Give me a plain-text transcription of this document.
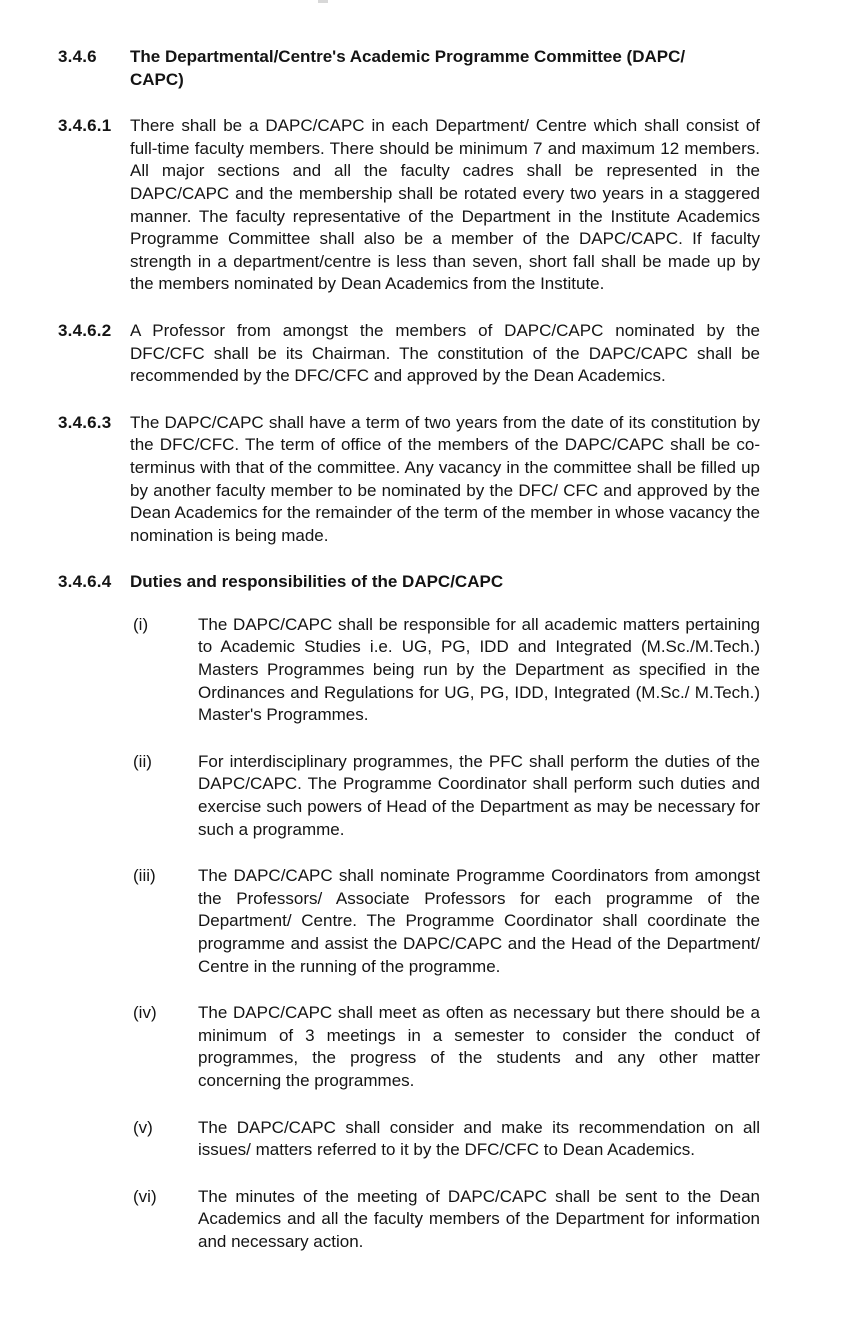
3.4.6	The Departmental/Centre's Academic Programme Committee (DAPC/
CAPC)
3.4.6.1	There shall be a DAPC/CAPC in each Department/ Centre which shall consist of full-time faculty members. There should be minimum 7 and maximum 12 members. All major sections and all the faculty cadres shall be represented in the DAPC/CAPC and the membership shall be rotated every two years in a staggered manner. The faculty representative of the Department in the Institute Academics Programme Committee shall also be a member of the DAPC/CAPC. If faculty strength in a department/centre is less than seven, short fall shall be made up by the members nominated by Dean Academics from the Institute.
3.4.6.2	A Professor from amongst the members of DAPC/CAPC nominated by the DFC/CFC shall be its Chairman. The constitution of the DAPC/CAPC shall be recommended by the DFC/CFC and approved by the Dean Academics.
3.4.6.3	The DAPC/CAPC shall have a term of two years from the date of its constitution by the DFC/CFC. The term of office of the members of the DAPC/CAPC shall be co-terminus with that of the committee. Any vacancy in the committee shall be filled up by another faculty member to be nominated by the DFC/ CFC and approved by the Dean Academics for the remainder of the term of the member in whose vacancy the nomination is being made.
3.4.6.4	Duties and responsibilities of the DAPC/CAPC
(i)	The DAPC/CAPC shall be responsible for all academic matters pertaining to Academic Studies i.e. UG, PG, IDD and Integrated (M.Sc./M.Tech.) Masters Programmes being run by the Department as specified in the Ordinances and Regulations for UG, PG, IDD, Integrated (M.Sc./ M.Tech.) Master's Programmes.
(ii)	For interdisciplinary programmes, the PFC shall perform the duties of the DAPC/CAPC. The Programme Coordinator shall perform such duties and exercise such powers of Head of the Department as may be necessary for such a programme.
(iii)	The DAPC/CAPC shall nominate Programme Coordinators from amongst the Professors/ Associate Professors for each programme of the Department/ Centre. The Programme Coordinator shall coordinate the programme and assist the DAPC/CAPC and the Head of the Department/ Centre in the running of the programme.
(iv)	The DAPC/CAPC shall meet as often as necessary but there should be a minimum of 3 meetings in a semester to consider the conduct of programmes, the progress of the students and any other matter concerning the programmes.
(v)	The DAPC/CAPC shall consider and make its recommendation on all issues/ matters referred to it by the DFC/CFC to Dean Academics.
(vi)	The minutes of the meeting of DAPC/CAPC shall be sent to the Dean Academics and all the faculty members of the Department for information and necessary action.
